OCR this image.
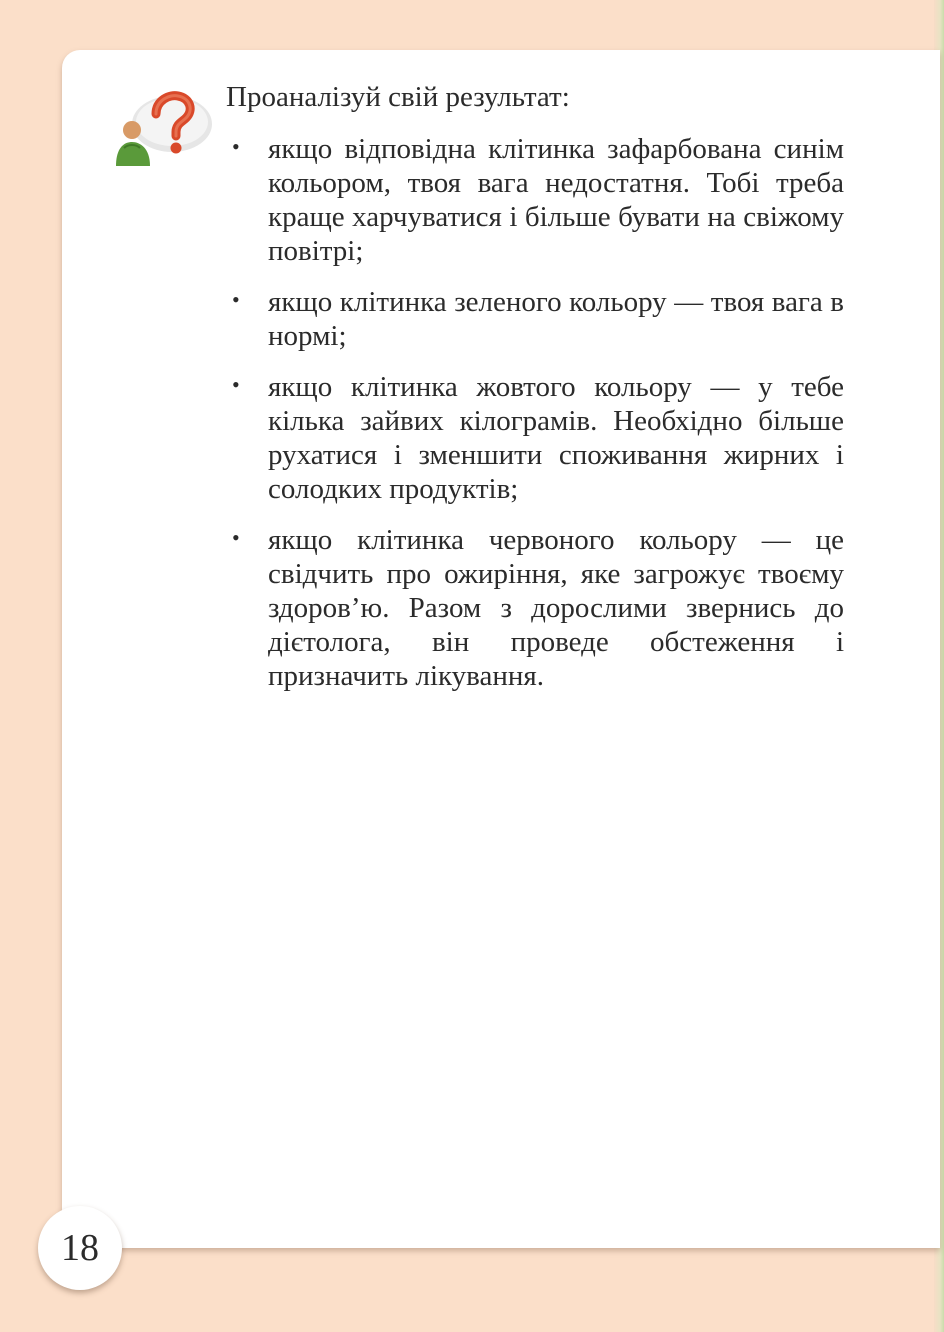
Проаналізуй свій результат:

• якщо відповідна клітинка зафарбована синім кольором, твоя вага недостатня. Тобі треба краще харчуватися і більше бувати на свіжому повітрі;
• якщо клітинка зеленого кольору — твоя вага в нормі;
• якщо клітинка жовтого кольору — у тебе кілька зайвих кілограмів. Необхідно більше рухатися і зменшити споживання жирних і солодких продуктів;
• якщо клітинка червоного кольору — це свідчить про ожиріння, яке загрожує твоєму здоров’ю. Разом з дорослими звернись до дієтолога, він проведе обстеження і призначить лікування.
18
